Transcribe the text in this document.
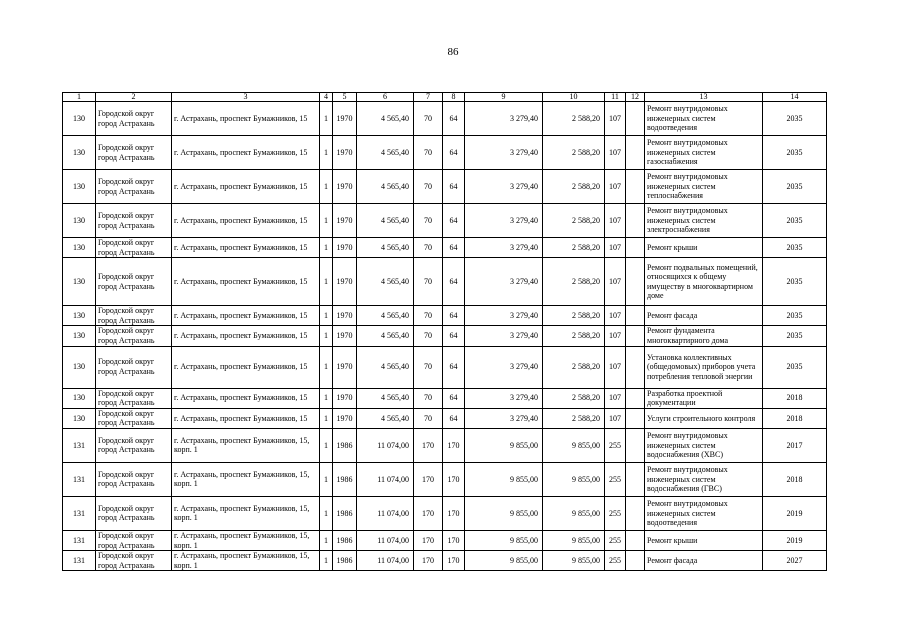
86
1	2	3	4	5	6	7	8	9	10	11	12	13	14
130	Городской округ город Астрахань	г. Астрахань, проспект Бумажников, 15	1	1970	4 565,40	70	64	3 279,40	2 588,20	107		Ремонт внутридомовых инженерных систем водоотведения	2035
130	Городской округ город Астрахань	г. Астрахань, проспект Бумажников, 15	1	1970	4 565,40	70	64	3 279,40	2 588,20	107		Ремонт внутридомовых инженерных систем газоснабжения	2035
130	Городской округ город Астрахань	г. Астрахань, проспект Бумажников, 15	1	1970	4 565,40	70	64	3 279,40	2 588,20	107		Ремонт внутридомовых инженерных систем теплоснабжения	2035
130	Городской округ город Астрахань	г. Астрахань, проспект Бумажников, 15	1	1970	4 565,40	70	64	3 279,40	2 588,20	107		Ремонт внутридомовых инженерных систем электроснабжения	2035
130	Городской округ город Астрахань	г. Астрахань, проспект Бумажников, 15	1	1970	4 565,40	70	64	3 279,40	2 588,20	107		Ремонт крыши	2035
130	Городской округ город Астрахань	г. Астрахань, проспект Бумажников, 15	1	1970	4 565,40	70	64	3 279,40	2 588,20	107		Ремонт подвальных помещений, относящихся к общему имуществу в многоквартирном доме	2035
130	Городской округ город Астрахань	г. Астрахань, проспект Бумажников, 15	1	1970	4 565,40	70	64	3 279,40	2 588,20	107		Ремонт фасада	2035
130	Городской округ город Астрахань	г. Астрахань, проспект Бумажников, 15	1	1970	4 565,40	70	64	3 279,40	2 588,20	107		Ремонт фундамента многоквартирного дома	2035
130	Городской округ город Астрахань	г. Астрахань, проспект Бумажников, 15	1	1970	4 565,40	70	64	3 279,40	2 588,20	107		Установка коллективных (общедомовых) приборов учета потребления тепловой энергии	2035
130	Городской округ город Астрахань	г. Астрахань, проспект Бумажников, 15	1	1970	4 565,40	70	64	3 279,40	2 588,20	107		Разработка проектной документации	2018
130	Городской округ город Астрахань	г. Астрахань, проспект Бумажников, 15	1	1970	4 565,40	70	64	3 279,40	2 588,20	107		Услуги строительного контроля	2018
131	Городской округ город Астрахань	г. Астрахань, проспект Бумажников, 15, корп. 1	1	1986	11 074,00	170	170	9 855,00	9 855,00	255		Ремонт внутридомовых инженерных систем водоснабжения (ХВС)	2017
131	Городской округ город Астрахань	г. Астрахань, проспект Бумажников, 15, корп. 1	1	1986	11 074,00	170	170	9 855,00	9 855,00	255		Ремонт внутридомовых инженерных систем водоснабжения (ГВС)	2018
131	Городской округ город Астрахань	г. Астрахань, проспект Бумажников, 15, корп. 1	1	1986	11 074,00	170	170	9 855,00	9 855,00	255		Ремонт внутридомовых инженерных систем водоотведения	2019
131	Городской округ город Астрахань	г. Астрахань, проспект Бумажников, 15, корп. 1	1	1986	11 074,00	170	170	9 855,00	9 855,00	255		Ремонт крыши	2019
131	Городской округ город Астрахань	г. Астрахань, проспект Бумажников, 15, корп. 1	1	1986	11 074,00	170	170	9 855,00	9 855,00	255		Ремонт фасада	2027
